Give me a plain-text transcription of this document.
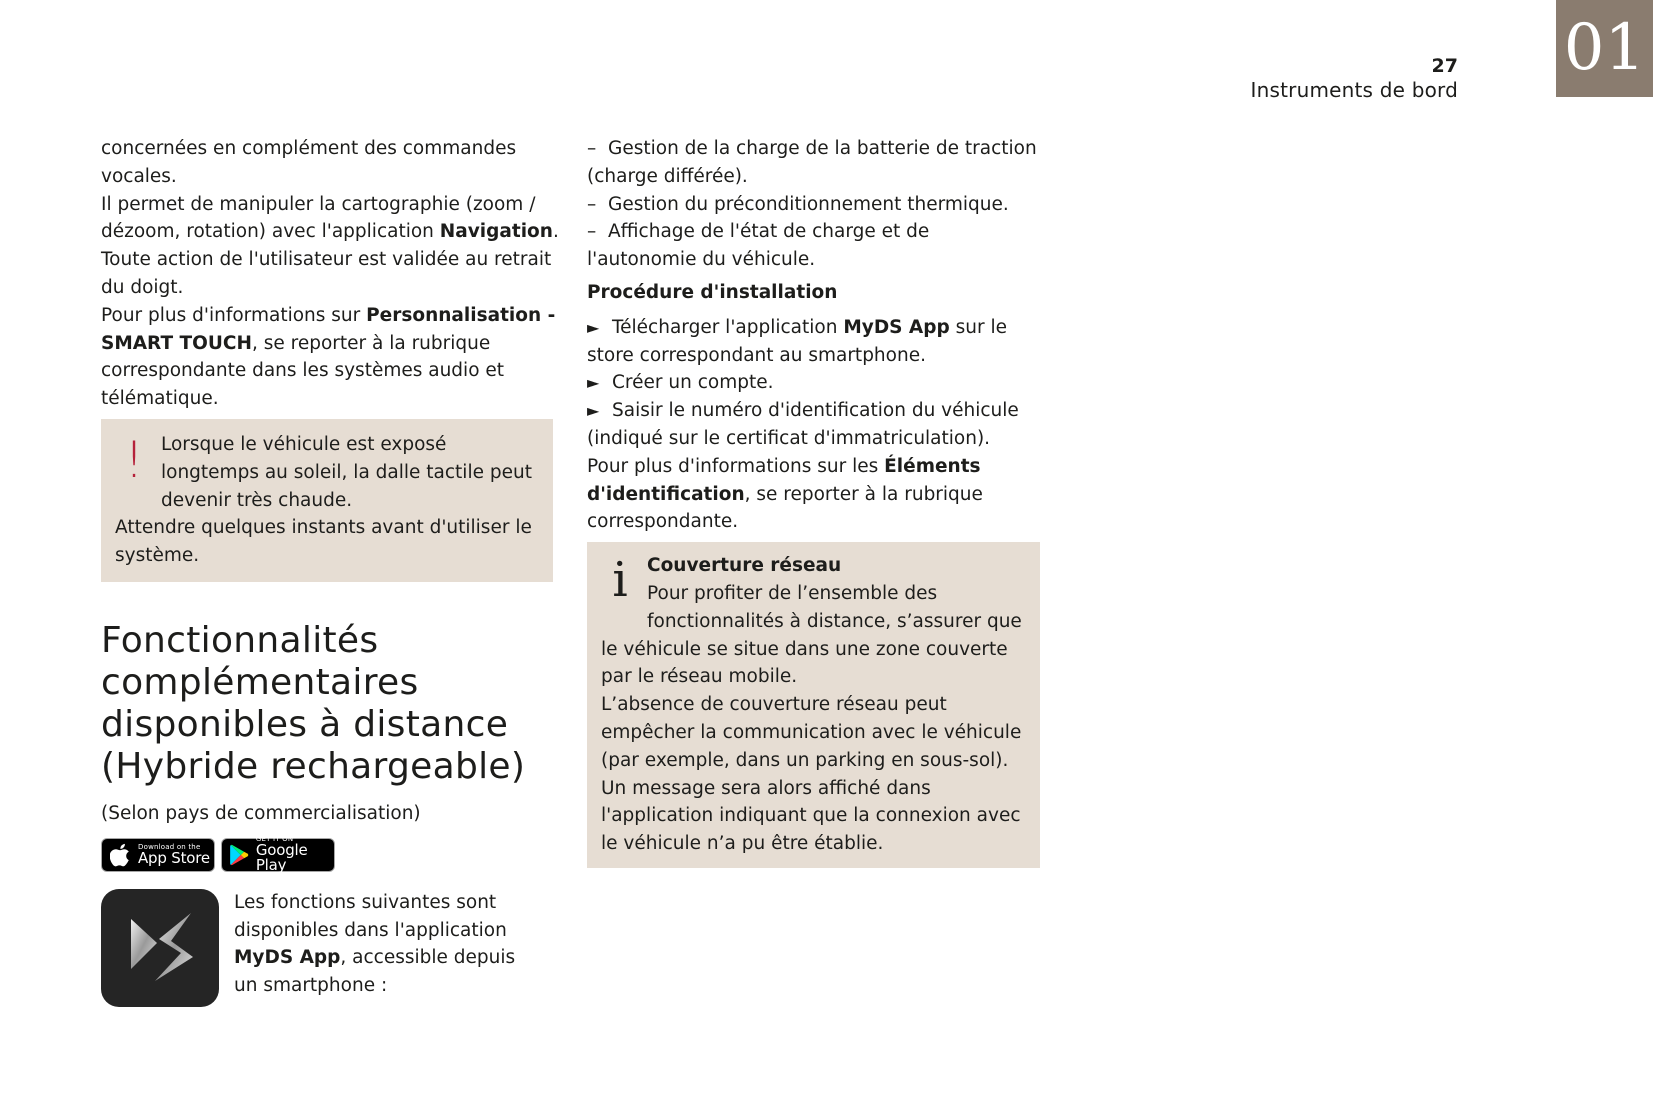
27
Instruments de bord
01

concernées en complément des commandes vocales.

Il permet de manipuler la cartographie (zoom / dézoom, rotation) avec l'application Navigation.

Toute action de l'utilisateur est validée au retrait du doigt.

Pour plus d'informations sur Personnalisation - SMART TOUCH, se reporter à la rubrique correspondante dans les systèmes audio et télématique.

! Lorsque le véhicule est exposé longtemps au soleil, la dalle tactile peut devenir très chaude.

Attendre quelques instants avant d'utiliser le système.

Fonctionnalités complémentaires disponibles à distance (Hybride rechargeable)

(Selon pays de commercialisation)

Download on the
App Store
GET IT ON
Google Play
Les fonctions suivantes sont disponibles dans l'application MyDS App, accessible depuis un smartphone :

– Gestion de la charge de la batterie de traction (charge différée).

– Gestion du préconditionnement thermique.

– Affichage de l'état de charge et de l'autonomie du véhicule.

Procédure d'installation

► Télécharger l'application MyDS App sur le store correspondant au smartphone.

► Créer un compte.

► Saisir le numéro d'identification du véhicule (indiqué sur le certificat d'immatriculation).

Pour plus d'informations sur les Éléments d'identification, se reporter à la rubrique correspondante.

i	Couverture réseau

Pour profiter de l’ensemble des fonctionnalités à distance, s’assurer que le véhicule se situe dans une zone couverte par le réseau mobile.

L’absence de couverture réseau peut empêcher la communication avec le véhicule (par exemple, dans un parking en sous-sol). Un message sera alors affiché dans l'application indiquant que la connexion avec le véhicule n’a pu être établie.
